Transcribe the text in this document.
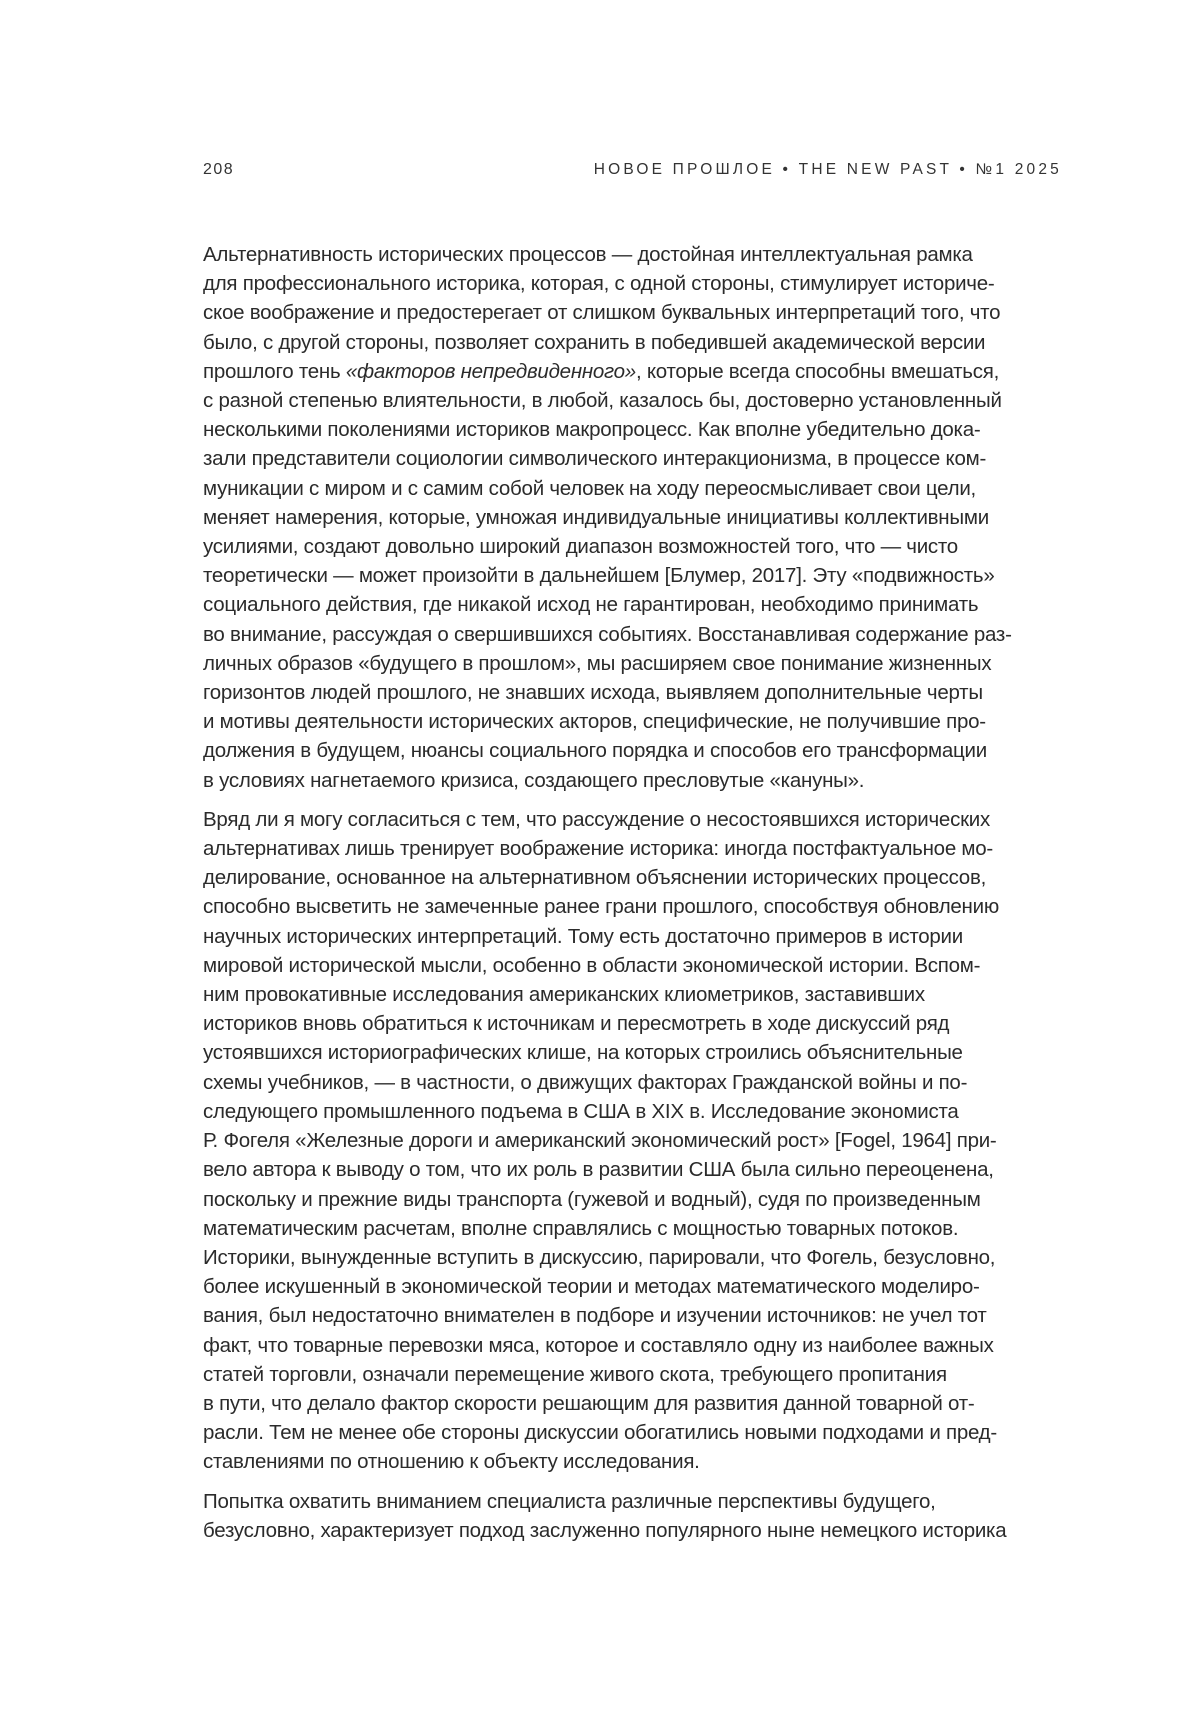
208	НОВОЕ ПРОШЛОЕ • THE NEW PAST • №1 2025

Альтернативность исторических процессов — достойная интеллектуальная рамка
для профессионального историка, которая, с одной стороны, стимулирует историче-
ское воображение и предостерегает от слишком буквальных интерпретаций того, что
было, с другой стороны, позволяет сохранить в победившей академической версии
прошлого тень «факторов непредвиденного», которые всегда способны вмешаться,
с разной степенью влиятельности, в любой, казалось бы, достоверно установленный
несколькими поколениями историков макропроцесс. Как вполне убедительно дока-
зали представители социологии символического интеракционизма, в процессе ком-
муникации с миром и с самим собой человек на ходу переосмысливает свои цели,
меняет намерения, которые, умножая индивидуальные инициативы коллективными
усилиями, создают довольно широкий диапазон возможностей того, что — чисто
теоретически — может произойти в дальнейшем [Блумер, 2017]. Эту «подвижность»
социального действия, где никакой исход не гарантирован, необходимо принимать
во внимание, рассуждая о свершившихся событиях. Восстанавливая содержание раз-
личных образов «будущего в прошлом», мы расширяем свое понимание жизненных
горизонтов людей прошлого, не знавших исхода, выявляем дополнительные черты
и мотивы деятельности исторических акторов, специфические, не получившие про-
должения в будущем, нюансы социального порядка и способов его трансформации
в условиях нагнетаемого кризиса, создающего пресловутые «кануны».

Вряд ли я могу согласиться с тем, что рассуждение о несостоявшихся исторических
альтернативах лишь тренирует воображение историка: иногда постфактуальное мо-
делирование, основанное на альтернативном объяснении исторических процессов,
способно высветить не замеченные ранее грани прошлого, способствуя обновлению
научных исторических интерпретаций. Тому есть достаточно примеров в истории
мировой исторической мысли, особенно в области экономической истории. Вспом-
ним провокативные исследования американских клиометриков, заставивших
историков вновь обратиться к источникам и пересмотреть в ходе дискуссий ряд
устоявшихся историографических клише, на которых строились объяснительные
схемы учебников, — в частности, о движущих факторах Гражданской войны и по-
следующего промышленного подъема в США в XIX в. Исследование экономиста
Р. Фогеля «Железные дороги и американский экономический рост» [Fogel, 1964] при-
вело автора к выводу о том, что их роль в развитии США была сильно переоценена,
поскольку и прежние виды транспорта (гужевой и водный), судя по произведенным
математическим расчетам, вполне справлялись с мощностью товарных потоков.
Историки, вынужденные вступить в дискуссию, парировали, что Фогель, безусловно,
более искушенный в экономической теории и методах математического моделиро-
вания, был недостаточно внимателен в подборе и изучении источников: не учел тот
факт, что товарные перевозки мяса, которое и составляло одну из наиболее важных
статей торговли, означали перемещение живого скота, требующего пропитания
в пути, что делало фактор скорости решающим для развития данной товарной от-
расли. Тем не менее обе стороны дискуссии обогатились новыми подходами и пред-
ставлениями по отношению к объекту исследования.

Попытка охватить вниманием специалиста различные перспективы будущего,
безусловно, характеризует подход заслуженно популярного ныне немецкого историка
